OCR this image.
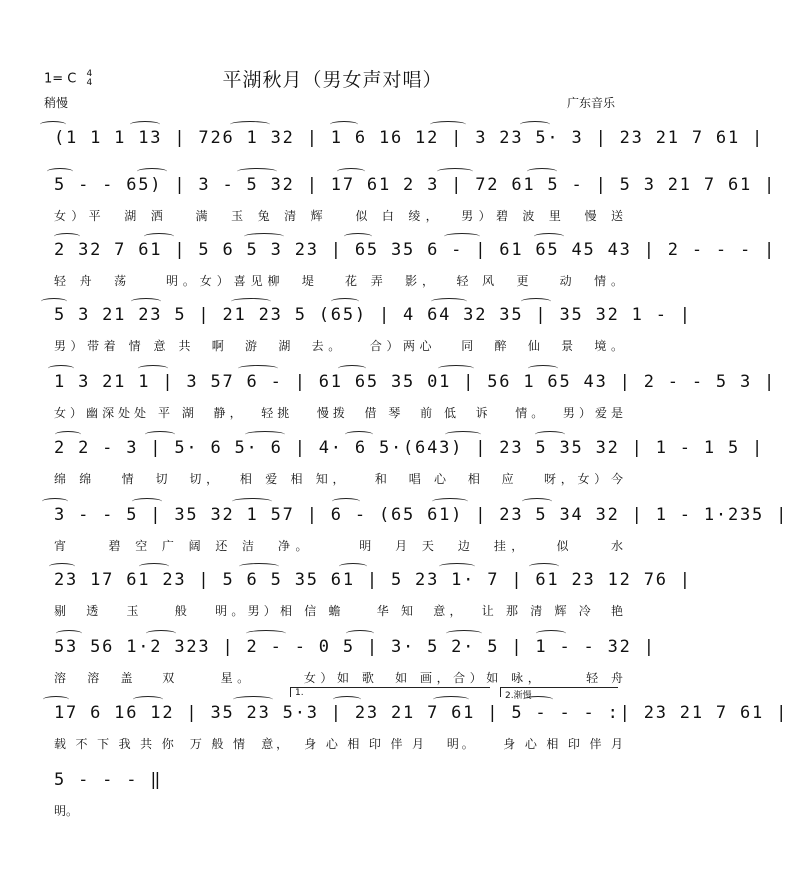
1= C 4
4	平湖秋月（男女声对唱）
稍慢	广东音乐
(1 1 1 13 | 726 1 32 | 1 6 16 12 | 3 23 5· 3 | 23 21 7 61 |
5 - - 65) | 3 - 5 32 | 17 61 2 3 | 72 61 5 - | 5 3 21 7 61 |
女）平  湖 洒   满  玉 兔 清 辉   似 白 绫，  男）碧 波 里  慢 送
2 32 7 61 | 5 6 5 3 23 | 65 35 6 - | 61 65 45 43 | 2 - - - |
轻 舟  荡    明。女）喜见柳  堤   花 弄  影，  轻 风  更   动  情。
5 3 21 23 5 | 21 23 5 (65) | 4 64 32 35 | 35 32 1 - |
男）带着 情 意 共  啊  游  湖  去。   合）两心   同  醉  仙  景  境。
1 3 21 1 | 3 57 6 - | 61 65 35 01 | 56 1 65 43 | 2 - - 5 3 |
女）幽深处处 平 湖  静，  轻挑   慢拨  借 琴  前 低  诉   情。  男）爱是
2 2 - 3 | 5· 6 5· 6 | 4· 6 5·(643) | 23 5 35 32 | 1 - 1 5 |
绵 绵   情  切  切，  相 爱 相 知，   和  唱 心  相  应   呀，女）今
3 - - 5 | 35 32 1 57 | 6 - (65 61) | 23 5 34 32 | 1 - 1·235 |
宵    碧 空 广 阔 还 洁  净。     明  月 天  边  挂，   似    水
23 17 61 23 | 5 6 5 35 61 | 5 23 1· 7 | 61 23 12 76 |
剔  透   玉    般   明。男）相 信 蟾    华 知  意，  让 那 清 辉 冷  艳
53 56 1·2 323 | 2 - - 0 5 | 3· 5 2· 5 | 1 - - 32 |
溶  溶  盖   双     星。      女）如 歌  如 画，合）如 咏，     轻 舟
17 6 16 12 | 35 23 5·3 | 23 21 7 61 | 5 - - - :| 23 21 7 61 |
载 不 下 我 共 你  万 般 情  意，  身 心 相 印 伴 月   明。    身 心 相 印 伴 月
1.	2.渐慢
5 - - - ‖
明。
